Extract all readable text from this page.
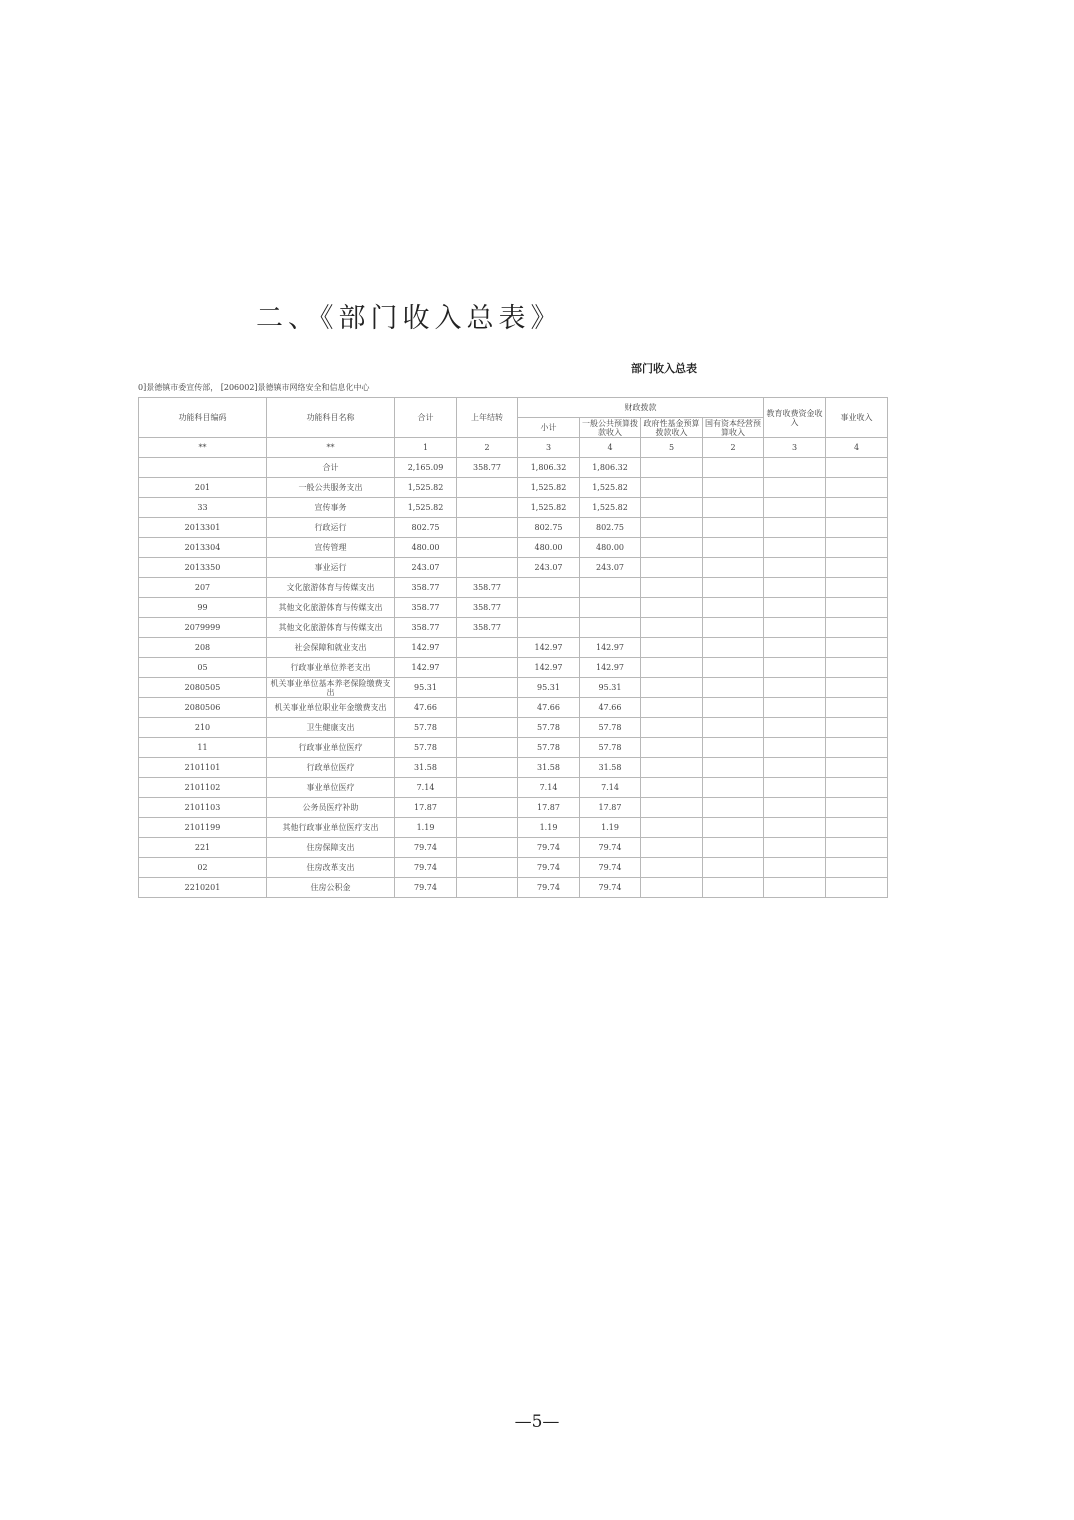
二、《部门收入总表》
部门收入总表
0]景德镇市委宣传部， [206002]景德镇市网络安全和信息化中心
功能科目编码	功能科目名称	合计	上年结转	财政拨款				教育收费资金收入	事业收入
				小计	一般公共预算拨款收入	政府性基金预算拨款收入	国有资本经营预算收入		
**	**	1	2	3	4	5	2	3	4
	合计	2,165.09	358.77	1,806.32	1,806.32				
201	一般公共服务支出	1,525.82		1,525.82	1,525.82				
33	宣传事务	1,525.82		1,525.82	1,525.82				
2013301	行政运行	802.75		802.75	802.75				
2013304	宣传管理	480.00		480.00	480.00				
2013350	事业运行	243.07		243.07	243.07				
207	文化旅游体育与传媒支出	358.77	358.77						
99	其他文化旅游体育与传媒支出	358.77	358.77						
2079999	其他文化旅游体育与传媒支出	358.77	358.77						
208	社会保障和就业支出	142.97		142.97	142.97				
05	行政事业单位养老支出	142.97		142.97	142.97				
2080505	机关事业单位基本养老保险缴费支出	95.31		95.31	95.31				
2080506	机关事业单位职业年金缴费支出	47.66		47.66	47.66				
210	卫生健康支出	57.78		57.78	57.78				
11	行政事业单位医疗	57.78		57.78	57.78				
2101101	行政单位医疗	31.58		31.58	31.58				
2101102	事业单位医疗	7.14		7.14	7.14				
2101103	公务员医疗补助	17.87		17.87	17.87				
2101199	其他行政事业单位医疗支出	1.19		1.19	1.19				
221	住房保障支出	79.74		79.74	79.74				
02	住房改革支出	79.74		79.74	79.74				
2210201	住房公积金	79.74		79.74	79.74				
—5—
